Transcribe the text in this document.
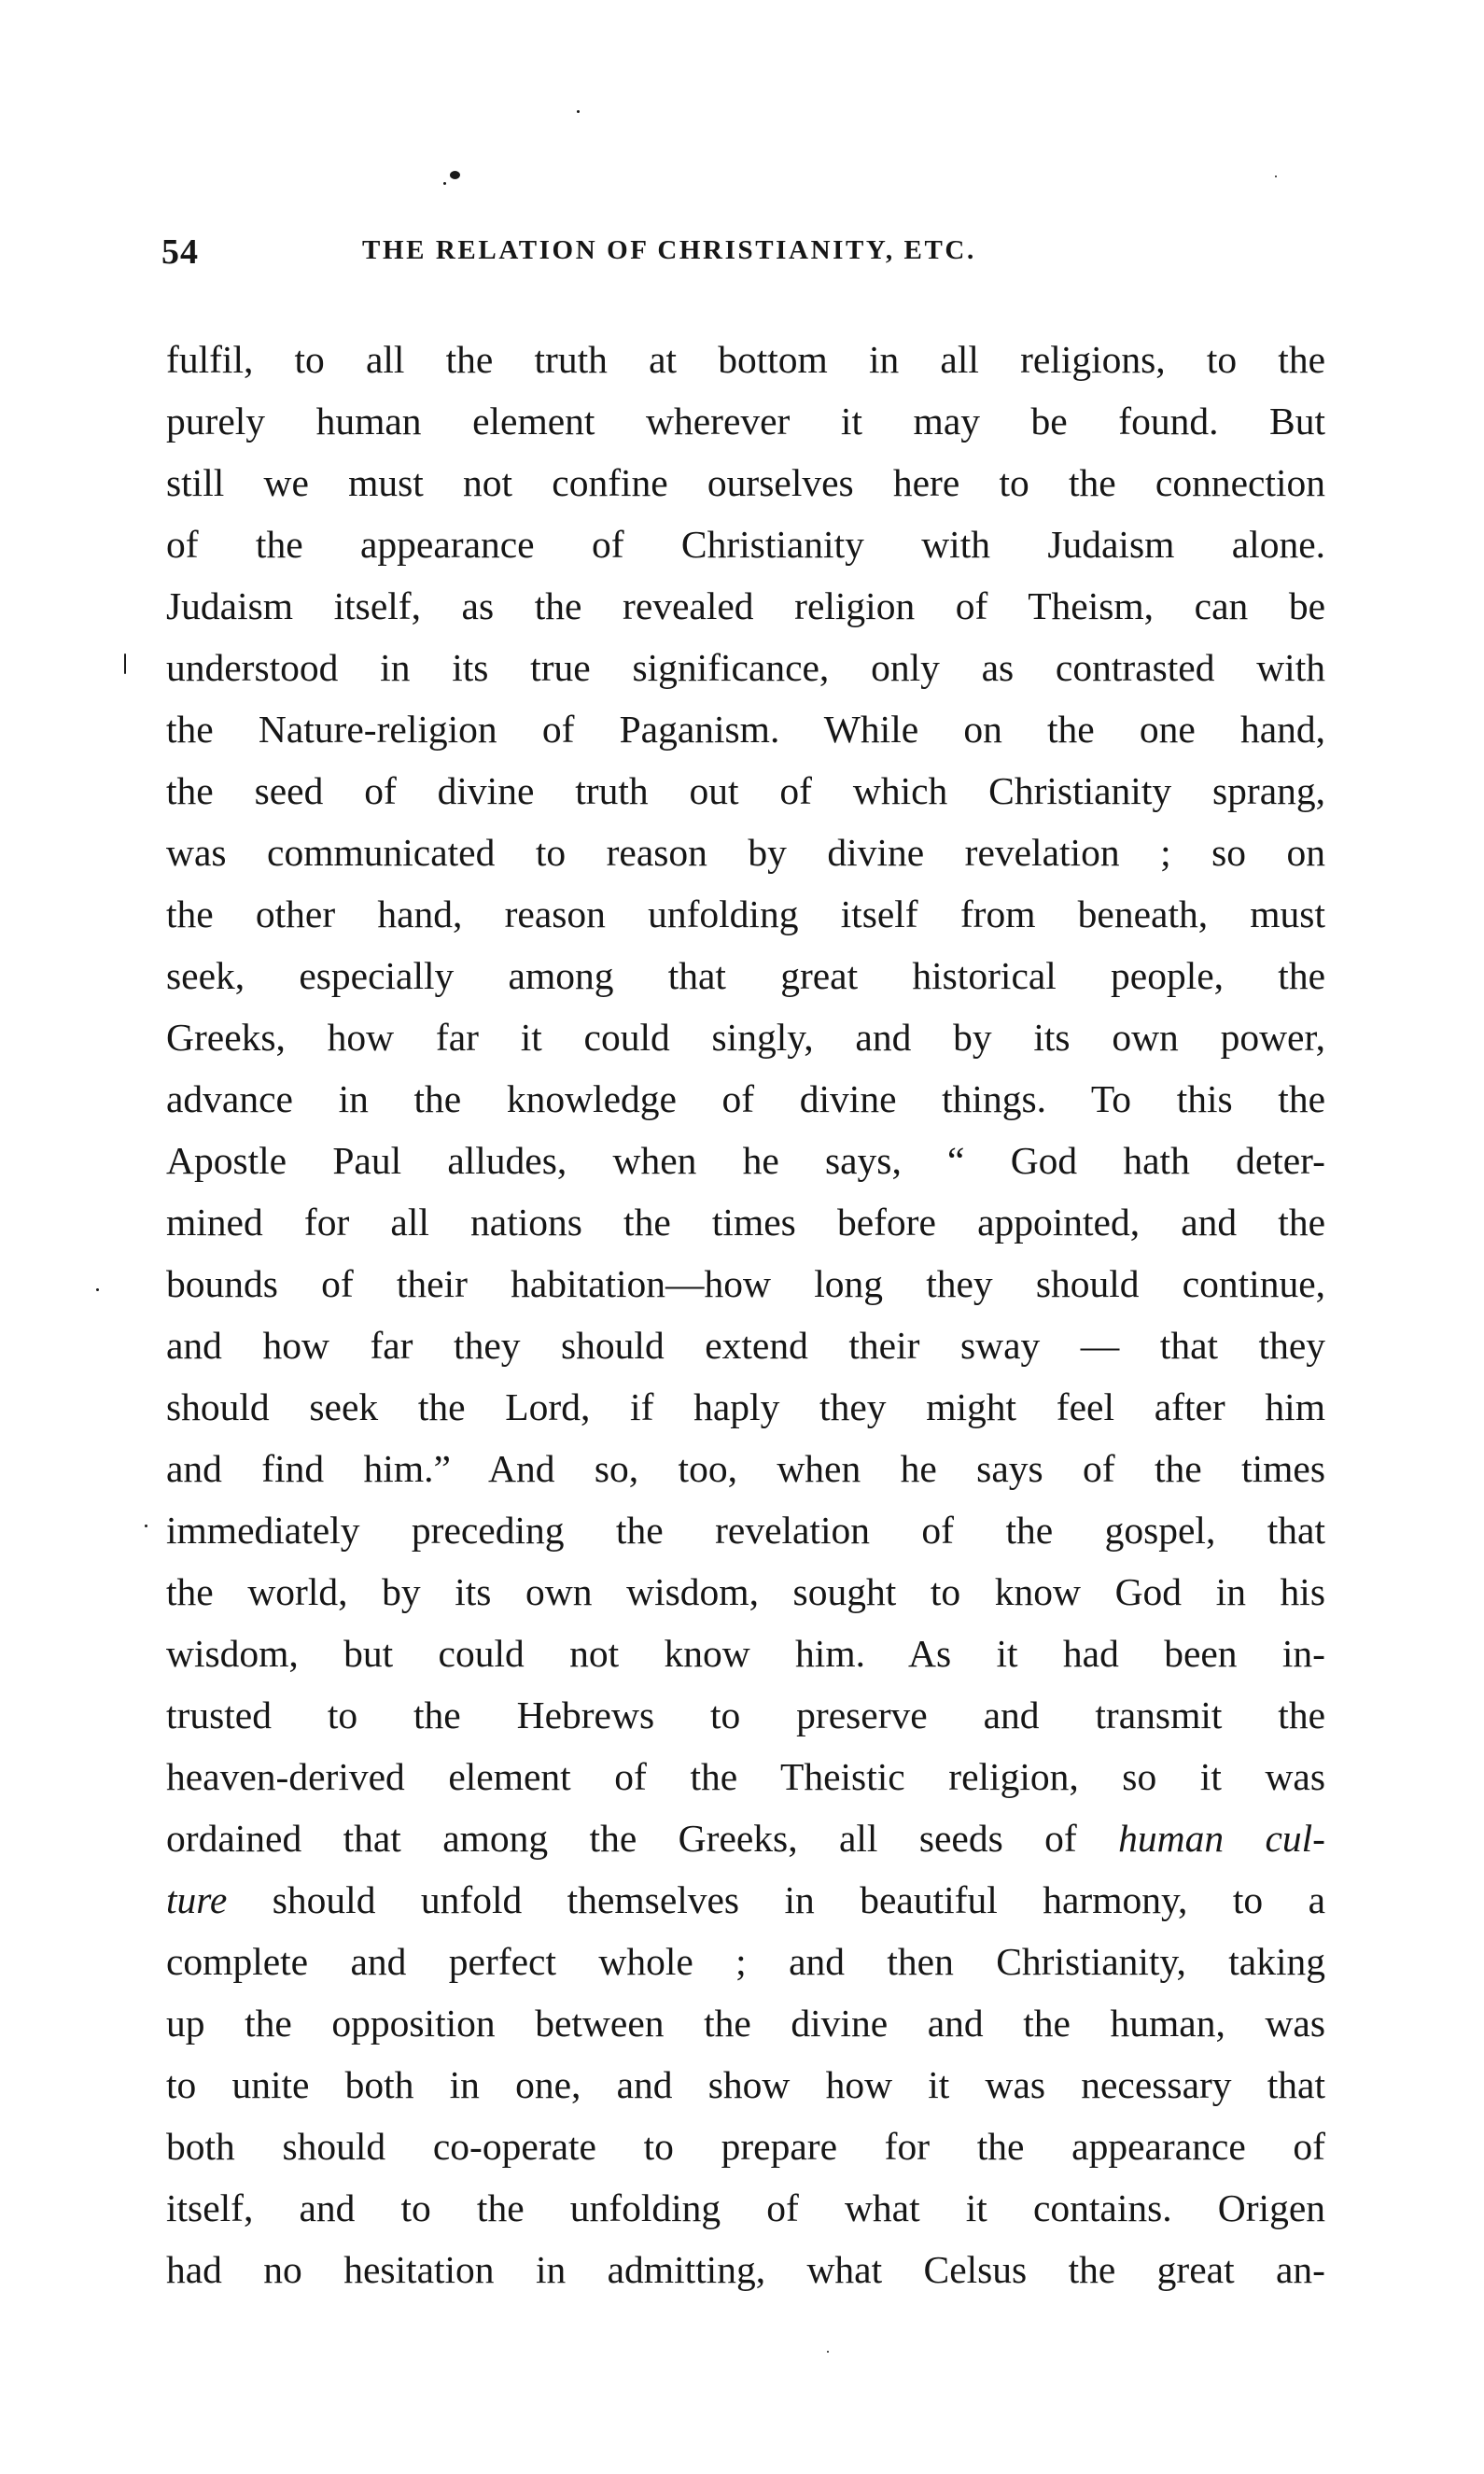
54	THE RELATION OF CHRISTIANITY, ETC.
fulfil, to all the truth at bottom in all religions, to the
purely human element wherever it may be found. But
still we must not confine ourselves here to the connection
of the appearance of Christianity with Judaism alone.
Judaism itself, as the revealed religion of Theism, can be
understood in its true significance, only as contrasted with
the Nature-religion of Paganism. While on the one hand,
the seed of divine truth out of which Christianity sprang,
was communicated to reason by divine revelation ; so on
the other hand, reason unfolding itself from beneath, must
seek, especially among that great historical people, the
Greeks, how far it could singly, and by its own power,
advance in the knowledge of divine things. To this the
Apostle Paul alludes, when he says, “ God hath deter-
mined for all nations the times before appointed, and the
bounds of their habitation—how long they should continue,
and how far they should extend their sway — that they
should seek the Lord, if haply they might feel after him
and find him.” And so, too, when he says of the times
immediately preceding the revelation of the gospel, that
the world, by its own wisdom, sought to know God in his
wisdom, but could not know him. As it had been in-
trusted to the Hebrews to preserve and transmit the
heaven-derived element of the Theistic religion, so it was
ordained that among the Greeks, all seeds of human cul-
ture should unfold themselves in beautiful harmony, to a
complete and perfect whole ; and then Christianity, taking
up the opposition between the divine and the human, was
to unite both in one, and show how it was necessary that
both should co-operate to prepare for the appearance of
itself, and to the unfolding of what it contains. Origen
had no hesitation in admitting, what Celsus the great an-
